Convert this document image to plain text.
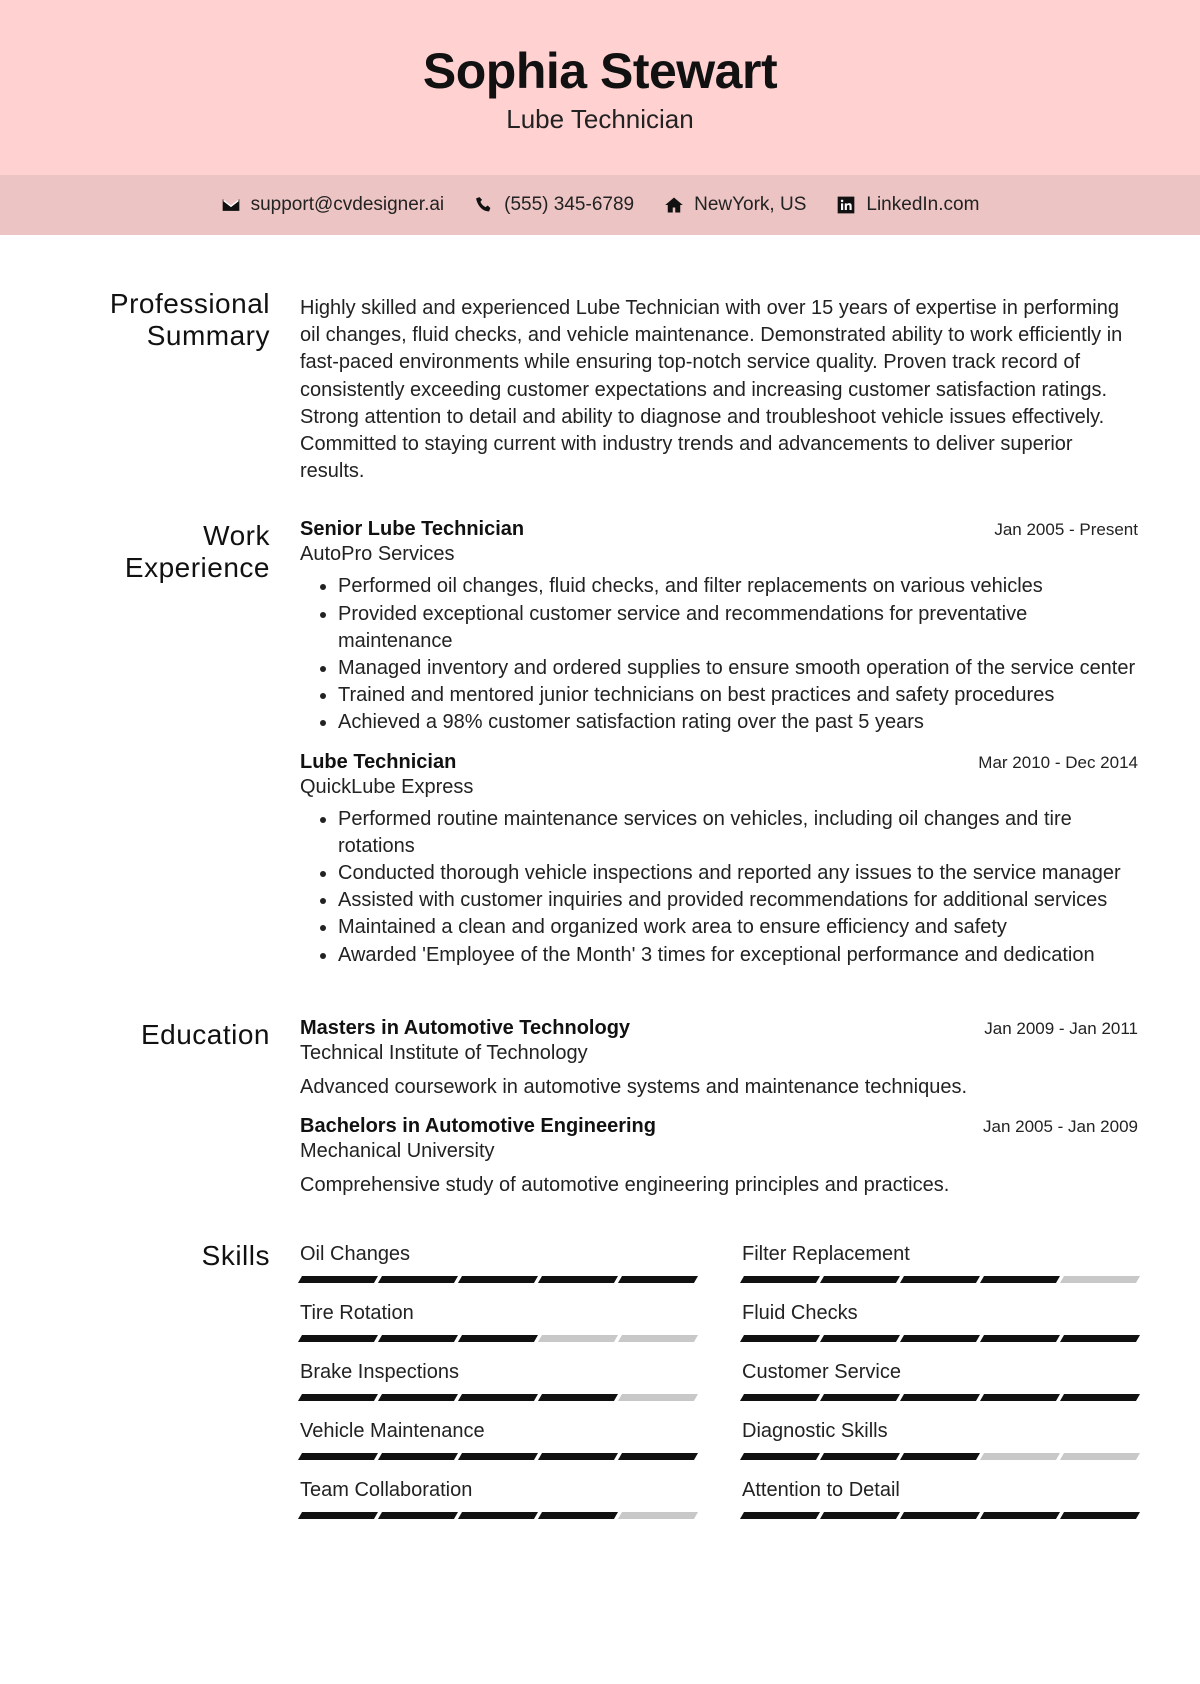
Sophia Stewart
Lube Technician
support@cvdesigner.ai	(555) 345-6789	NewYork, US	LinkedIn.com
Professional Summary

Highly skilled and experienced Lube Technician with over 15 years of expertise in performing oil changes, fluid checks, and vehicle maintenance. Demonstrated ability to work efficiently in fast-paced environments while ensuring top-notch service quality. Proven track record of consistently exceeding customer expectations and increasing customer satisfaction ratings. Strong attention to detail and ability to diagnose and troubleshoot vehicle issues effectively. Committed to staying current with industry trends and advancements to deliver superior results.

Work Experience
Senior Lube Technician	Jan 2005 - Present
AutoPro Services
• Performed oil changes, fluid checks, and filter replacements on various vehicles
• Provided exceptional customer service and recommendations for preventative maintenance
• Managed inventory and ordered supplies to ensure smooth operation of the service center
• Trained and mentored junior technicians on best practices and safety procedures
• Achieved a 98% customer satisfaction rating over the past 5 years
Lube Technician	Mar 2010 - Dec 2014
QuickLube Express
• Performed routine maintenance services on vehicles, including oil changes and tire rotations
• Conducted thorough vehicle inspections and reported any issues to the service manager
• Assisted with customer inquiries and provided recommendations for additional services
• Maintained a clean and organized work area to ensure efficiency and safety
• Awarded 'Employee of the Month' 3 times for exceptional performance and dedication
Education Masters in Automotive Technology	Jan 2009 - Jan 2011
Technical Institute of Technology
Advanced coursework in automotive systems and maintenance techniques.
Bachelors in Automotive Engineering	Jan 2005 - Jan 2009
Mechanical University
Comprehensive study of automotive engineering principles and practices.
Skills Oil Changes	Filter Replacement
Tire Rotation	Fluid Checks
Brake Inspections	Customer Service
Vehicle Maintenance	Diagnostic Skills
Team Collaboration	Attention to Detail
